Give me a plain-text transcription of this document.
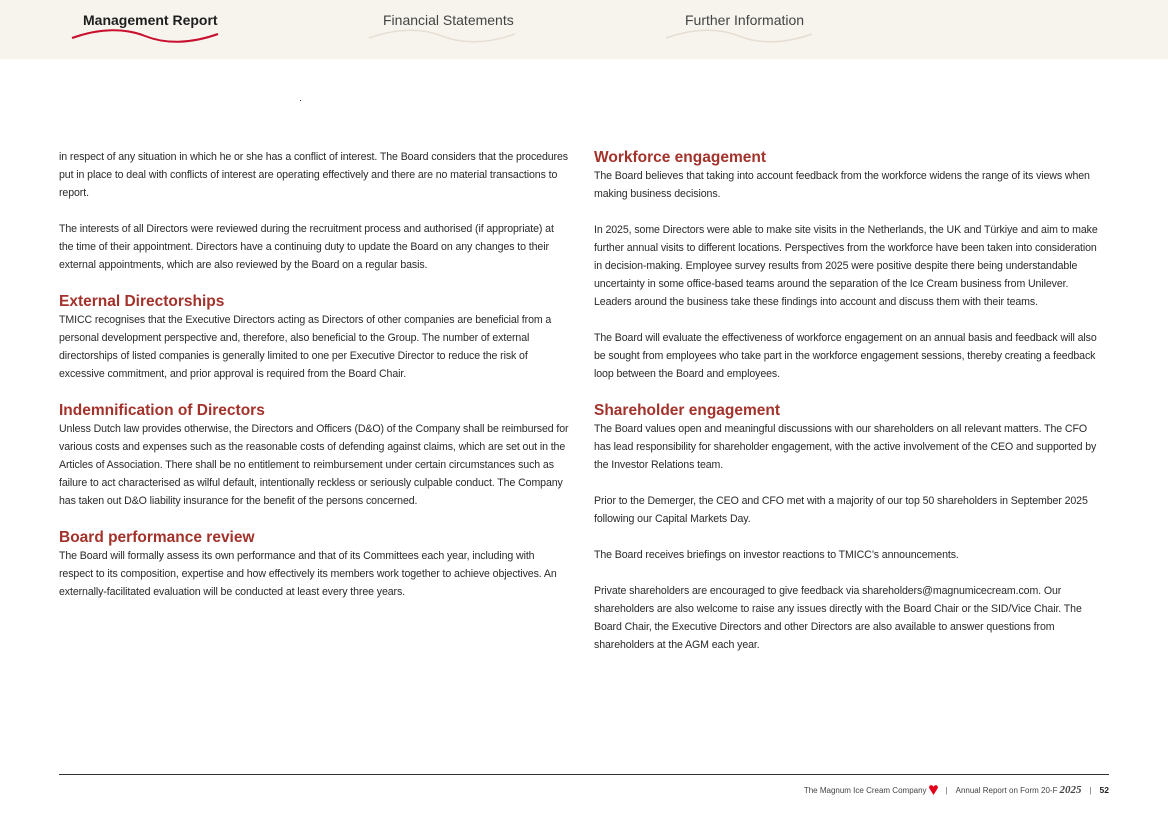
Management Report	Financial Statements	Further Information

in respect of any situation in which he or she has a conflict of interest. The Board considers that the procedures put in place to deal with conflicts of interest are operating effectively and there are no material transactions to report.

The interests of all Directors were reviewed during the recruitment process and authorised (if appropriate) at the time of their appointment. Directors have a continuing duty to update the Board on any changes to their external appointments, which are also reviewed by the Board on a regular basis.

External Directorships

TMICC recognises that the Executive Directors acting as Directors of other companies are beneficial from a personal development perspective and, therefore, also beneficial to the Group. The number of external directorships of listed companies is generally limited to one per Executive Director to reduce the risk of excessive commitment, and prior approval is required from the Board Chair.

Indemnification of Directors

Unless Dutch law provides otherwise, the Directors and Officers (D&O) of the Company shall be reimbursed for various costs and expenses such as the reasonable costs of defending against claims, which are set out in the Articles of Association. There shall be no entitlement to reimbursement under certain circumstances such as failure to act characterised as wilful default, intentionally reckless or seriously culpable conduct. The Company has taken out D&O liability insurance for the benefit of the persons concerned.

Board performance review

The Board will formally assess its own performance and that of its Committees each year, including with respect to its composition, expertise and how effectively its members work together to achieve objectives. An externally-facilitated evaluation will be conducted at least every three years.

Workforce engagement

The Board believes that taking into account feedback from the workforce widens the range of its views when making business decisions.

In 2025, some Directors were able to make site visits in the Netherlands, the UK and Türkiye and aim to make further annual visits to different locations. Perspectives from the workforce have been taken into consideration in decision-making. Employee survey results from 2025 were positive despite there being understandable uncertainty in some office-based teams around the separation of the Ice Cream business from Unilever. Leaders around the business take these findings into account and discuss them with their teams.

The Board will evaluate the effectiveness of workforce engagement on an annual basis and feedback will also be sought from employees who take part in the workforce engagement sessions, thereby creating a feedback loop between the Board and employees.

Shareholder engagement

The Board values open and meaningful discussions with our shareholders on all relevant matters. The CFO has lead responsibility for shareholder engagement, with the active involvement of the CEO and supported by the Investor Relations team.

Prior to the Demerger, the CEO and CFO met with a majority of our top 50 shareholders in September 2025 following our Capital Markets Day.

The Board receives briefings on investor reactions to TMICC’s announcements.

Private shareholders are encouraged to give feedback via shareholders@magnumicecream.com. Our shareholders are also welcome to raise any issues directly with the Board Chair or the SID/Vice Chair. The Board Chair, the Executive Directors and other Directors are also available to answer questions from shareholders at the AGM each year.

The Magnum Ice Cream Company | Annual Report on Form 20-F 2025 | 52
